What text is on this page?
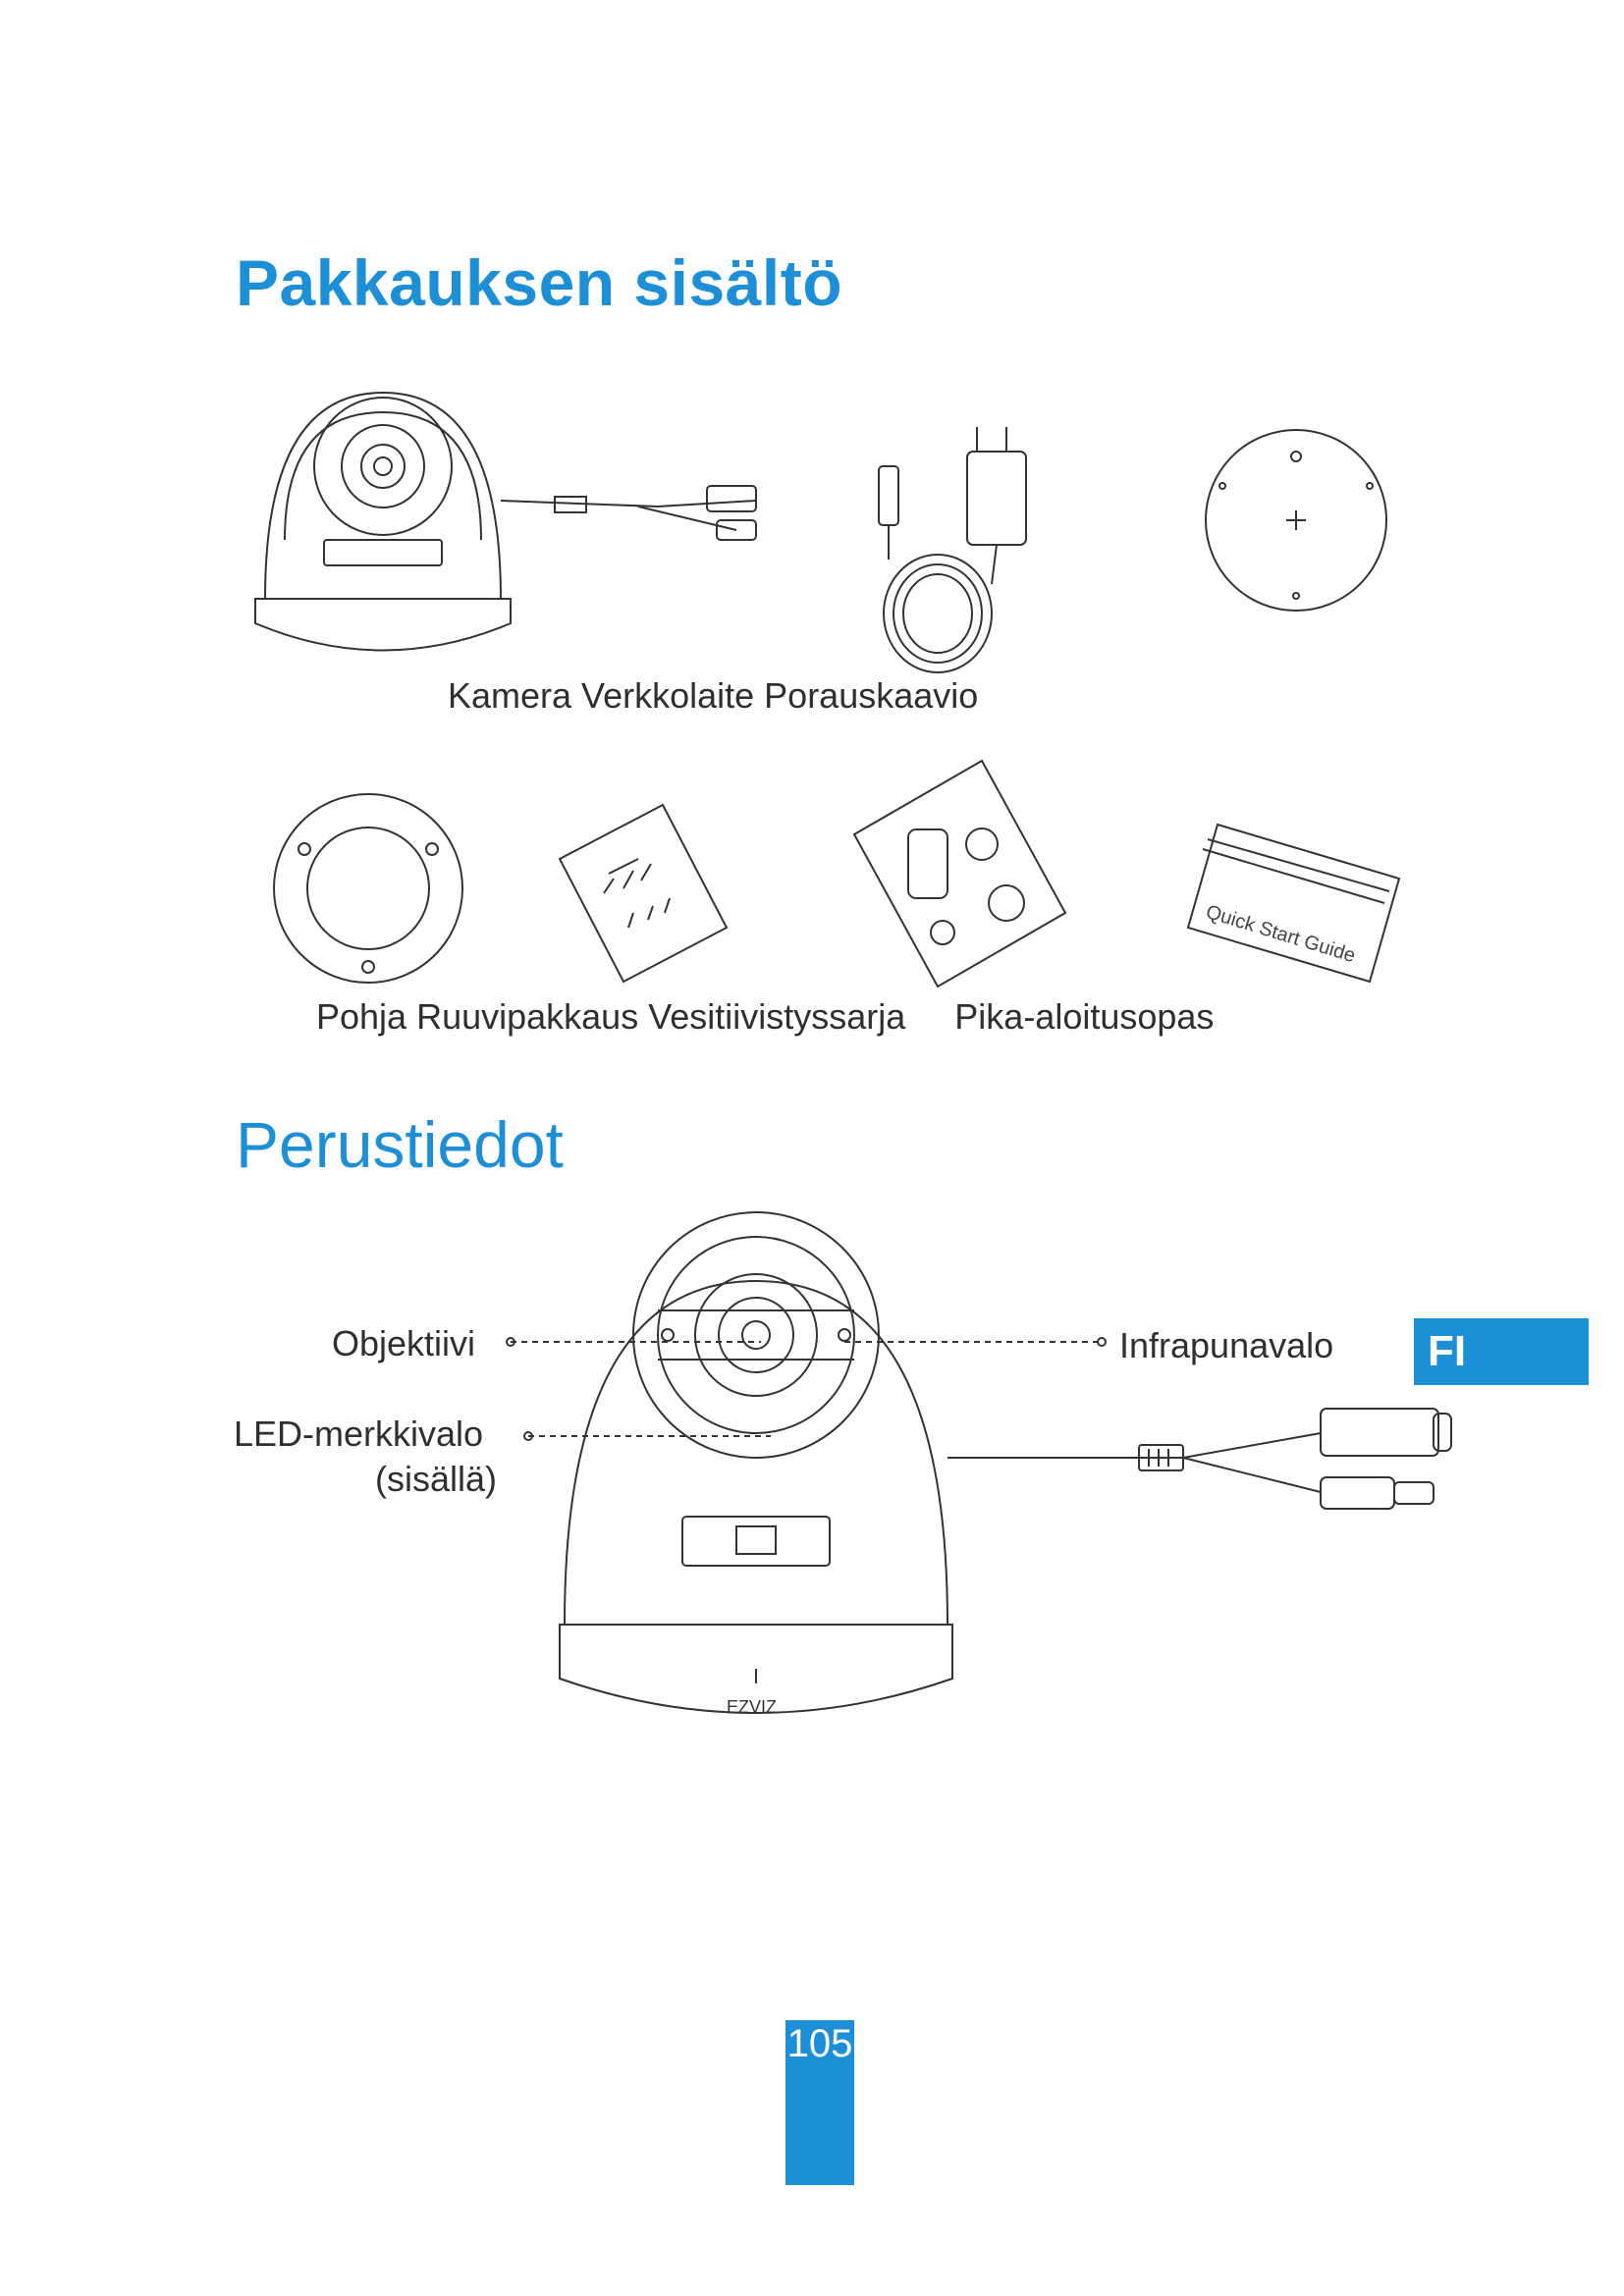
Pakkauksen sisältö
Kamera Verkkolaite Porauskaavio
Quick Start Guide
Pohja Ruuvipakkaus Vesitiivistyssarja     Pika-aloitusopas
Perustiedot
EZVIZ
Objektiivi
LED-merkkivalo
(sisällä)
Infrapunavalo	FI
105
